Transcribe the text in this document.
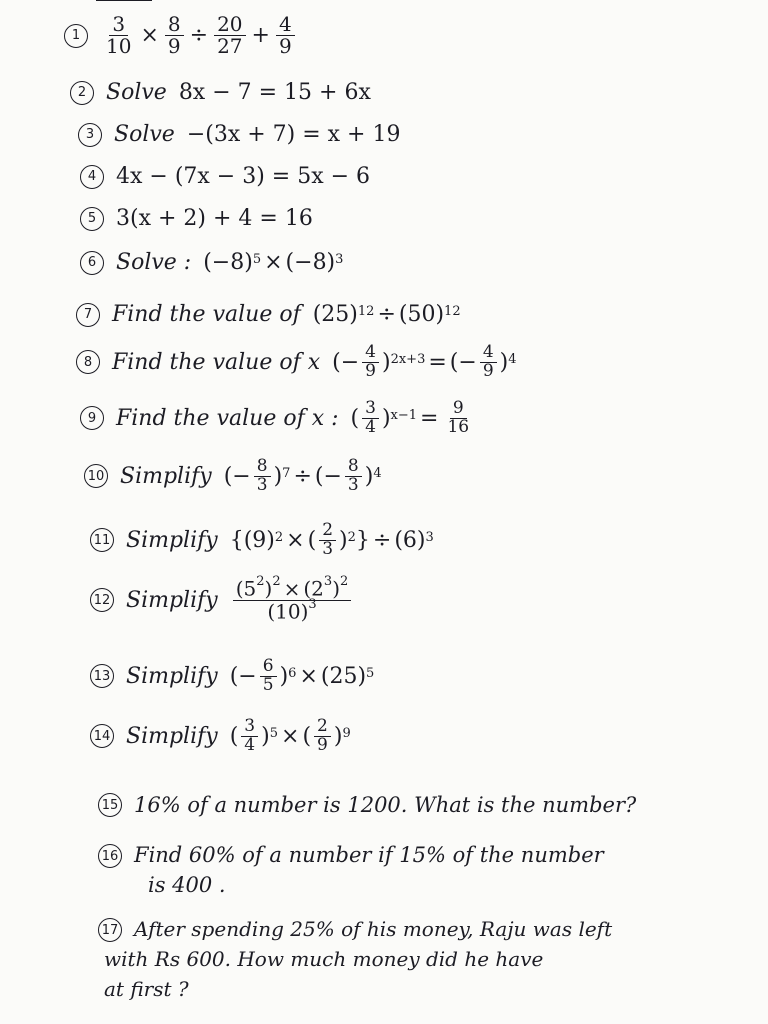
1	$\frac{3}{10} \times \frac{8}{9} \div \frac{20}{27} + \frac{4}{9}$
2 Solve 8x − 7 = 15 + 6x
3 Solve −(3x + 7) = x + 19
4 4x − (7x − 3) = 5x − 6
5 3(x + 2) + 4 = 16
6 Solve : $(-8)^5 \times (-8)^3$
7 Find the value of $(25)^{12} \div (50)^{12}$
8 Find the value of x (− $\frac{4}{9} )^{2x+3}$ = (− $\frac{4}{9} )^4$
9 Find the value of x : ( 3
4 )$^{x-1} = \frac{9}{16}$
10 Simplify (− $\frac{8}{3} )^7$ ÷ (− $\frac{8}{3} )^4$
11 Simplify {$(9)^2$ × ( 2
3 )$^2$ } ÷ $(6)^3$
12 Simplify $(5^2)^2 \times (2^3)^2$
$(10)^3$
13 Simplify (− $\frac{6}{5} )^6 \times (25)^5$
14 Simplify ( 3
4 )$^5$ × ( 2
9 )$^9$
15 16% of a number is 1200. What is the number?
16 Find 60% of a number if 15% of the number
is 400 .
17 After spending 25% of his money, Raju was left
with Rs 600. How much money did he have
at first ?
